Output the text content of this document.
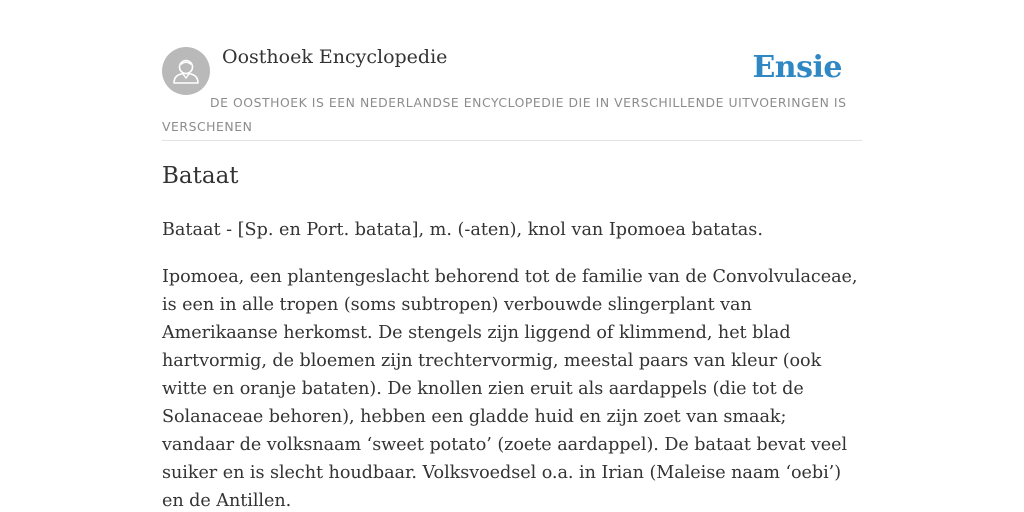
Oosthoek Encyclopedie	Ensie
DE OOSTHOEK IS EEN NEDERLANDSE ENCYCLOPEDIE DIE IN VERSCHILLENDE UITVOERINGEN IS VERSCHENEN
Bataat

Bataat - [Sp. en Port. batata], m. (-aten), knol van Ipomoea batatas.

Ipomoea, een plantengeslacht behorend tot de familie van de Convolvulaceae, is een in alle tropen (soms subtropen) verbouwde slingerplant van Amerikaanse herkomst. De stengels zijn liggend of klimmend, het blad hartvormig, de bloemen zijn trechtervormig, meestal paars van kleur (ook witte en oranje bataten). De knollen zien eruit als aardappels (die tot de Solanaceae behoren), hebben een gladde huid en zijn zoet van smaak; vandaar de volksnaam ‘sweet potato’ (zoete aardappel). De bataat bevat veel suiker en is slecht houdbaar. Volksvoedsel o.a. in Irian (Maleise naam ‘oebi’) en de Antillen.
